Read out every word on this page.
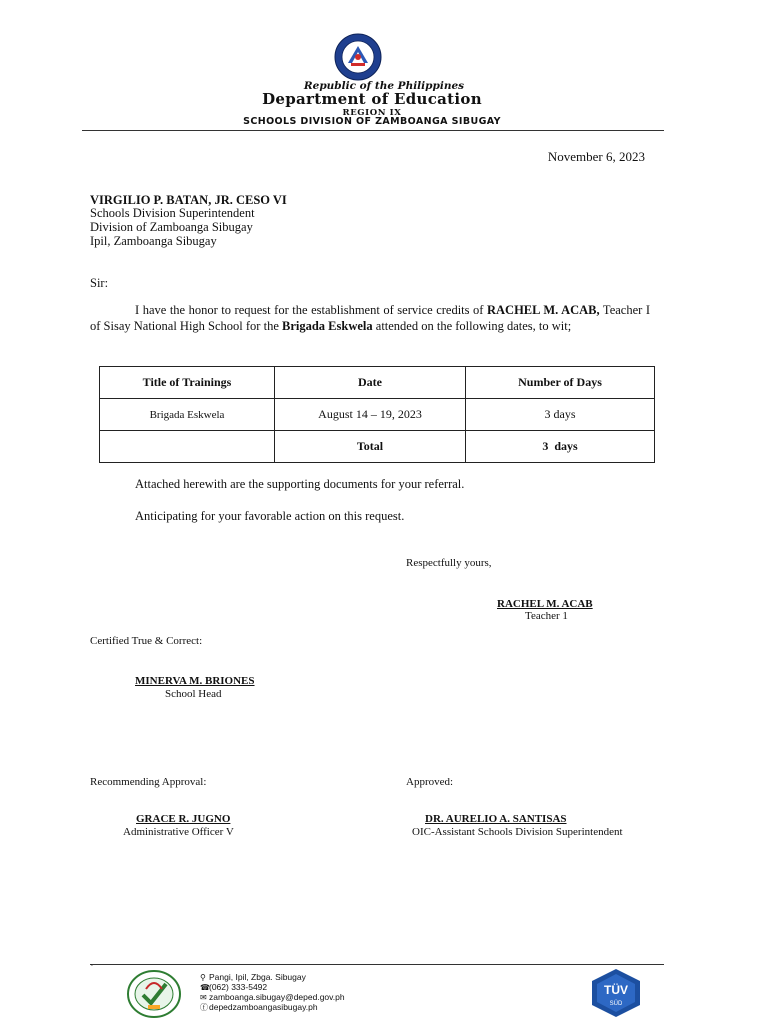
Republic of the Philippines
Department of Education
REGION IX
SCHOOLS DIVISION OF ZAMBOANGA SIBUGAY
November 6, 2023
VIRGILIO P. BATAN, JR. CESO VI
Schools Division Superintendent
Division of Zamboanga Sibugay
Ipil, Zamboanga Sibugay
Sir:
I have the honor to request for the establishment of service credits of RACHEL M. ACAB, Teacher I of Sisay National High School for the Brigada Eskwela attended on the following dates, to wit;
Title of Trainings	Date	Number of Days
Brigada Eskwela	August 14 – 19, 2023	3 days
	Total	3  days
Attached herewith are the supporting documents for your referral.
Anticipating for your favorable action on this request.
Respectfully yours,
RACHEL M. ACAB
Teacher 1
Certified True & Correct:
MINERVA M. BRIONES
School Head
Recommending Approval:	Approved:
GRACE R. JUGNO
Administrative Officer V
DR. AURELIO A. SANTISAS
OIC-Assistant Schools Division Superintendent
`
⚲ Pangi, Ipil, Zbga. Sibugay
☎(062) 333-5492
✉ zamboanga.sibugay@deped.gov.ph
ⓕdepedzamboangasibugay.ph
TÜV
SÜD
